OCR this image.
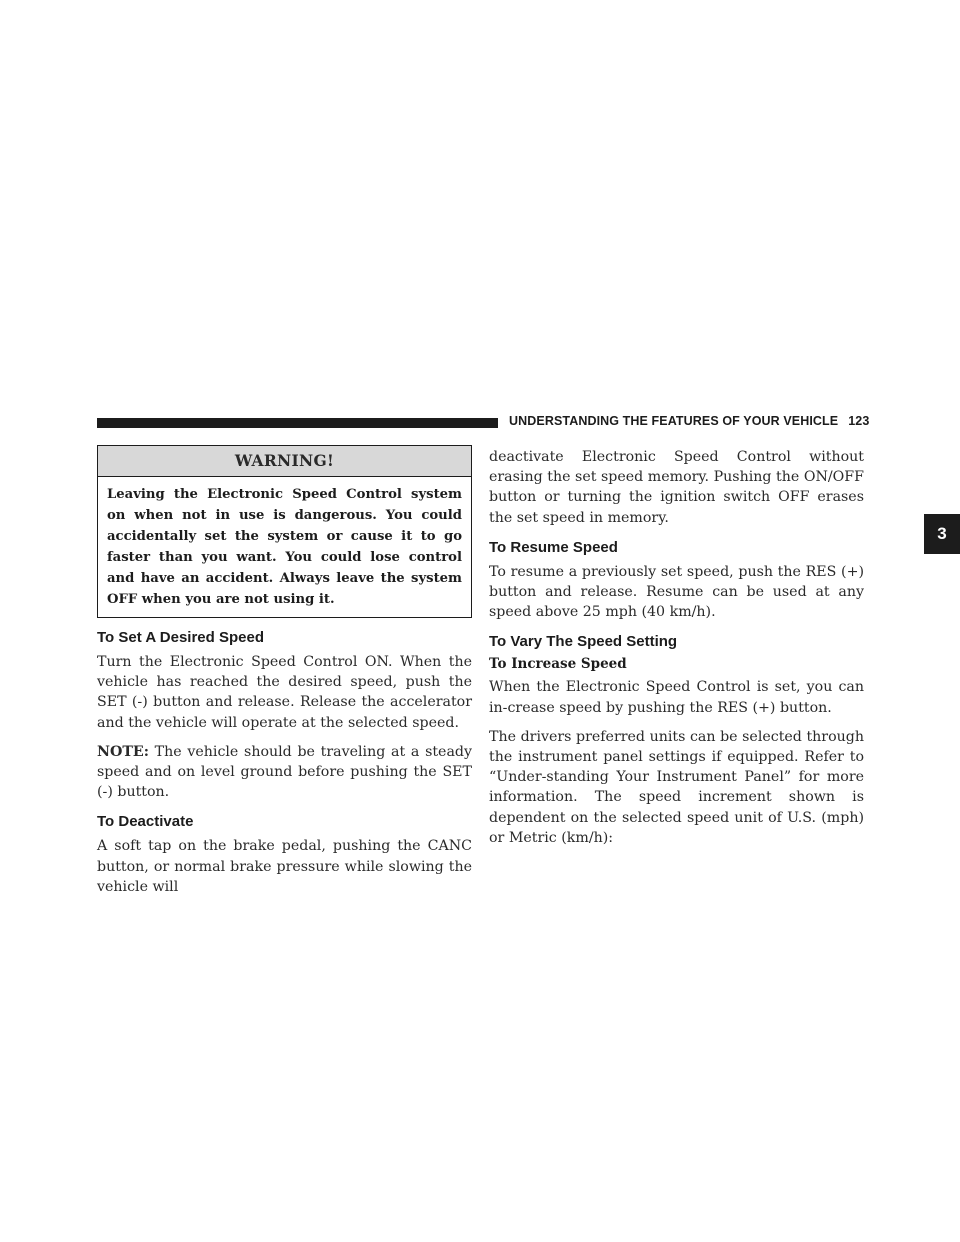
UNDERSTANDING THE FEATURES OF YOUR VEHICLE 123
3
WARNING!
Leaving the Electronic Speed Control system on when not in use is dangerous. You could accidentally set the system or cause it to go faster than you want. You could lose control and have an accident. Always leave the system OFF when you are not using it.
To Set A Desired Speed

Turn the Electronic Speed Control ON. When the vehicle has reached the desired speed, push the SET (-) button and release. Release the accelerator and the vehicle will operate at the selected speed.

NOTE: The vehicle should be traveling at a steady speed and on level ground before pushing the SET (-) button.

To Deactivate

A soft tap on the brake pedal, pushing the CANC button, or normal brake pressure while slowing the vehicle will

deactivate Electronic Speed Control without erasing the set speed memory. Pushing the ON/OFF button or turning the ignition switch OFF erases the set speed in memory.

To Resume Speed

To resume a previously set speed, push the RES (+) button and release. Resume can be used at any speed above 25 mph (40 km/h).

To Vary The Speed Setting
To Increase Speed

When the Electronic Speed Control is set, you can in-crease speed by pushing the RES (+) button.

The drivers preferred units can be selected through the instrument panel settings if equipped. Refer to “Under-standing Your Instrument Panel” for more information. The speed increment shown is dependent on the selected speed unit of U.S. (mph) or Metric (km/h):
